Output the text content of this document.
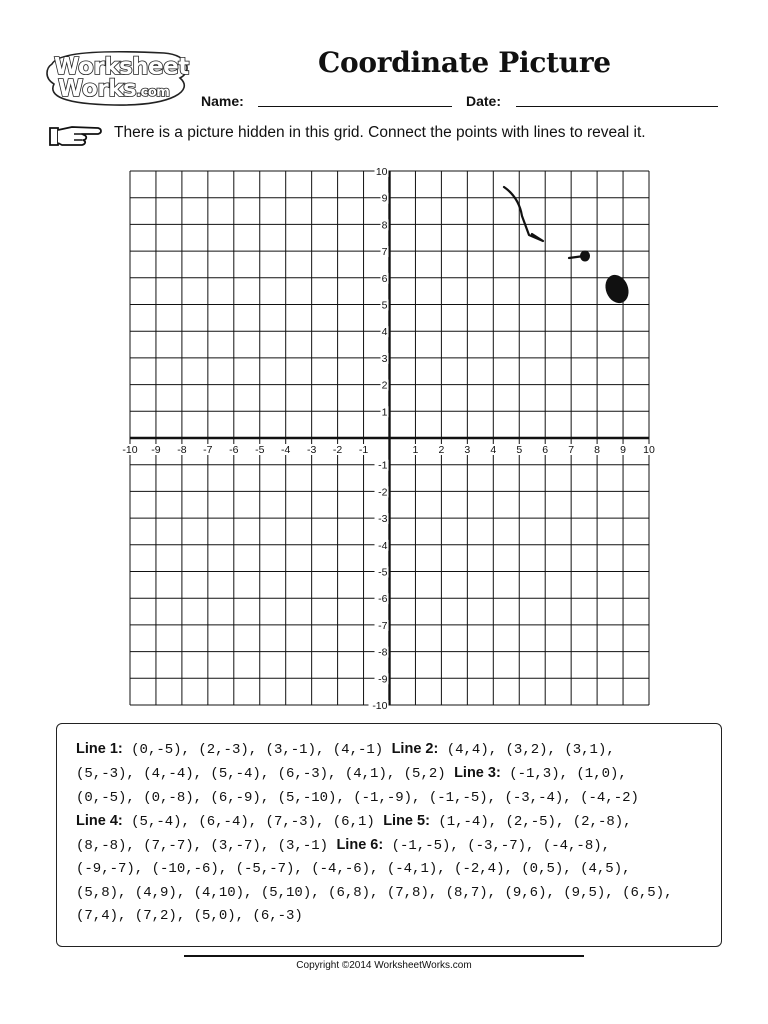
Worksheet
Works.com
Coordinate Picture
Name:	Date:
There is a picture hidden in this grid. Connect the points with lines to reveal it.
-10
-10
-9
-9
-8
-8
-7
-7
-6
-6
-5
-5
-4
-4
-3
-3
-2
-2
-1
-1
1
1
2
2
3
3
4
4
5
5
6
6
7
7
8
8
9
9
10
10
Line 1: (0,-5), (2,-3), (3,-1), (4,-1) Line 2: (4,4), (3,2), (3,1),
(5,-3), (4,-4), (5,-4), (6,-3), (4,1), (5,2) Line 3: (-1,3), (1,0),
(0,-5), (0,-8), (6,-9), (5,-10), (-1,-9), (-1,-5), (-3,-4), (-4,-2)
Line 4: (5,-4), (6,-4), (7,-3), (6,1) Line 5: (1,-4), (2,-5), (2,-8),
(8,-8), (7,-7), (3,-7), (3,-1) Line 6: (-1,-5), (-3,-7), (-4,-8),
(-9,-7), (-10,-6), (-5,-7), (-4,-6), (-4,1), (-2,4), (0,5), (4,5),
(5,8), (4,9), (4,10), (5,10), (6,8), (7,8), (8,7), (9,6), (9,5), (6,5),
(7,4), (7,2), (5,0), (6,-3)
Copyright ©2014 WorksheetWorks.com
